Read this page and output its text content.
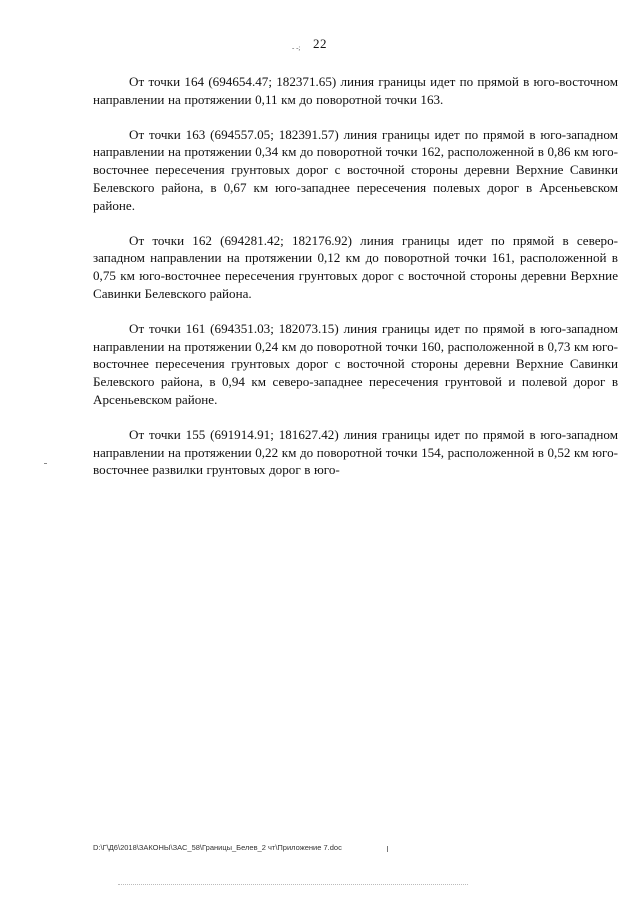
22
- -;

От точки 164 (694654.47; 182371.65) линия границы идет по прямой в юго-восточном направлении на протяжении 0,11 км до поворотной точки 163.

От точки 163 (694557.05; 182391.57) линия границы идет по прямой в юго-западном направлении на протяжении 0,34 км до поворотной точки 162, расположенной в 0,86 км юго-восточнее пересечения грунтовых дорог с восточной стороны деревни Верхние Савинки Белевского района, в 0,67 км юго-западнее пересечения полевых дорог в Арсеньевском районе.

От точки 162 (694281.42; 182176.92) линия границы идет по прямой в северо-западном направлении на протяжении 0,12 км до поворотной точки 161, расположенной в 0,75 км юго-восточнее пересечения грунтовых дорог с восточной стороны деревни Верхние Савинки Белевского района.

От точки 161 (694351.03; 182073.15) линия границы идет по прямой в юго-западном направлении на протяжении 0,24 км до поворотной точки 160, расположенной в 0,73 км юго-восточнее пересечения грунтовых дорог с восточной стороны деревни Верхние Савинки Белевского района, в 0,94 км северо-западнее пересечения грунтовой и полевой дорог в Арсеньевском районе.

От точки 155 (691914.91; 181627.42) линия границы идет по прямой в юго-западном направлении на протяжении 0,22 км до поворотной точки 154, расположенной в 0,52 км юго-восточнее развилки грунтовых дорог в юго-

D:\Г\Д6\2018\ЗАКОНЫ\ЗАС_58\Границы_Белев_2 чт\Приложение 7.doc
